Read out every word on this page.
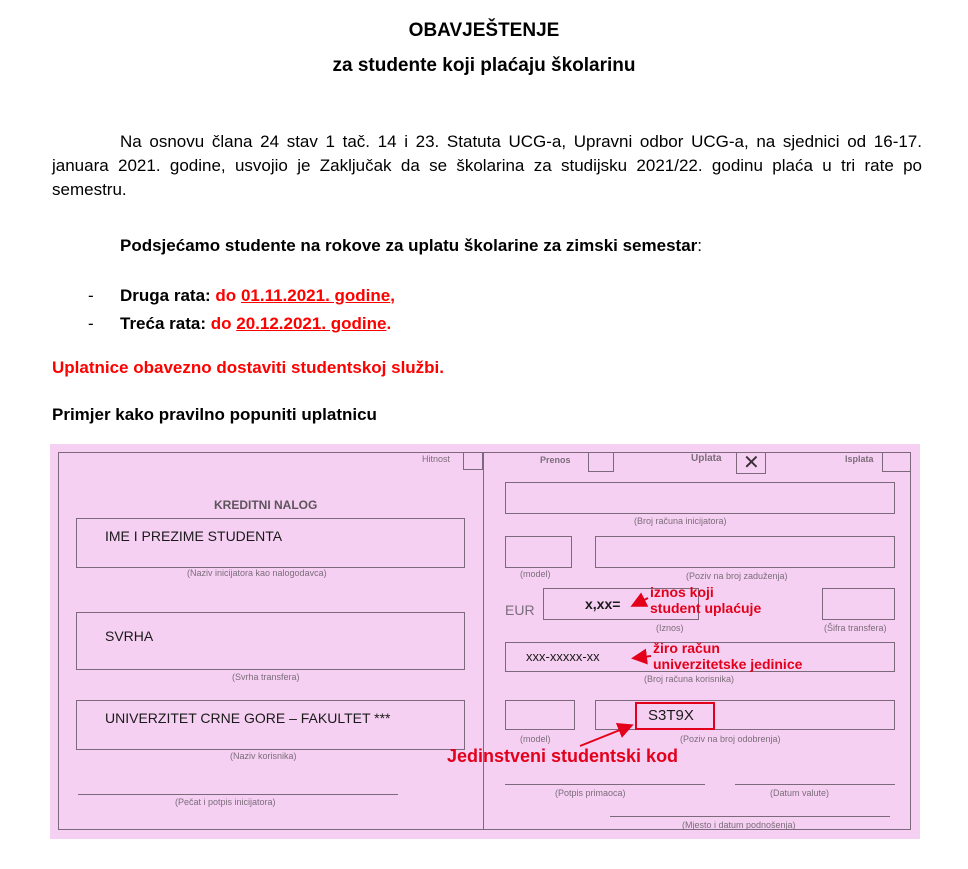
OBAVJEŠTENJE
za studente koji plaćaju školarinu
Na osnovu člana 24 stav 1 tač. 14 i 23. Statuta UCG-a, Upravni odbor UCG-a, na sjednici od 16-17. januara 2021. godine, usvojio je Zaključak da se školarina za studijsku 2021/22. godinu plaća u tri rate po semestru.
Podsjećamo studente na rokove za uplatu školarine za zimski semestar:
- Druga rata: do 01.11.2021. godine,
- Treća rata: do 20.12.2021. godine.
Uplatnice obavezno dostaviti studentskoj službi.
Primjer kako pravilno popuniti uplatnicu
Hitnost	Prenos	Uplata ✕	Isplata
KREDITNI NALOG
IME I PREZIME STUDENTA
(Naziv inicijatora kao nalogodavca)
SVRHA
(Svrha transfera)
UNIVERZITET CRNE GORE – FAKULTET ***
(Naziv korisnika)
(Pečat i potpis inicijatora)
(Broj računa inicijatora)
(model)	(Poziv na broj zaduženja)
EUR	x,xx=
(Iznos)	(Šifra transfera)
xxx-xxxxx-xx
(Broj računa korisnika)
S3T9X
(model)	(Poziv na broj odobrenja)
(Potpis primaoca)	(Datum valute)
(Mjesto i datum podnošenja)
iznos koji
student uplaćuje
žiro račun
univerzitetske jedinice
Jedinstveni studentski kod
